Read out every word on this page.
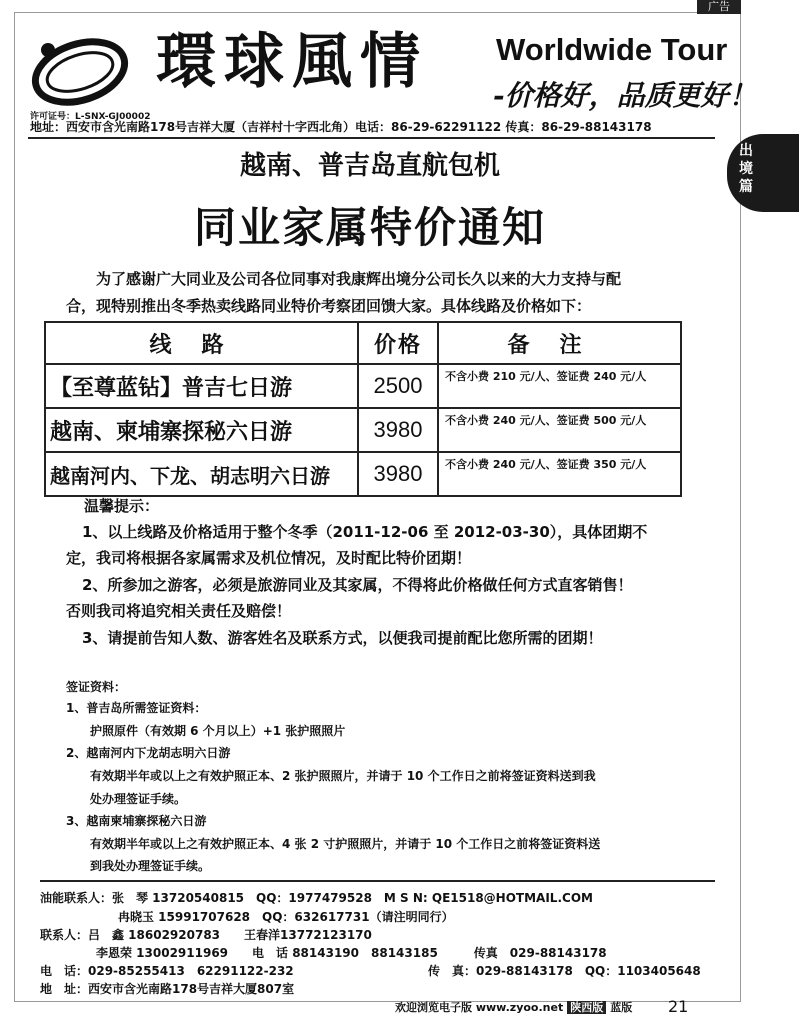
广告
出境篇
環球風情 Worldwide Tour
-价格好，品质更好！
许可证号：L-SNX-GJ00002
地址：西安市含光南路178号吉祥大厦（吉祥村十字西北角）电话：86-29-62291122 传真：86-29-88143178
越南、普吉岛直航包机
同业家属特价通知
为了感谢广大同业及公司各位同事对我康辉出境分公司长久以来的大力支持与配
合，现特别推出冬季热卖线路同业特价考察团回馈大家。具体线路及价格如下：
线路	价格	备注
【至尊蓝钻】普吉七日游	2500	不含小费 210 元/人、签证费 240 元/人
越南、柬埔寨探秘六日游	3980	不含小费 240 元/人、签证费 500 元/人
越南河内、下龙、胡志明六日游	3980	不含小费 240 元/人、签证费 350 元/人
温馨提示：
1、以上线路及价格适用于整个冬季（2011-12-06 至 2012-03-30），具体团期不
定，我司将根据各家属需求及机位情况，及时配比特价团期！
2、所参加之游客，必须是旅游同业及其家属，不得将此价格做任何方式直客销售！
否则我司将追究相关责任及赔偿！
3、请提前告知人数、游客姓名及联系方式，以便我司提前配比您所需的团期！
签证资料：
1、普吉岛所需签证资料：
护照原件（有效期 6 个月以上）+1 张护照照片
2、越南河内下龙胡志明六日游
有效期半年或以上之有效护照正本、2 张护照照片，并请于 10 个工作日之前将签证资料送到我
处办理签证手续。
3、越南柬埔寨探秘六日游
有效期半年或以上之有效护照正本、4 张 2 寸护照照片，并请于 10 个工作日之前将签证资料送
到我处办理签证手续。
油能联系人：张　琴 13720540815　QQ：1977479528　M S N: QE1518@HOTMAIL.COM
冉晓玉 15991707628　QQ：632617731（请注明同行）
联系人：吕　鑫 18602920783　　王春洋13772123170
李恩荣 13002911969　　电　话 88143190　88143185　　　传真　029-88143178
电　话：029-85255413　62291122-232	传　真：029-88143178　QQ：1103405648
地　址：西安市含光南路178号吉祥大厦807室
欢迎浏览电子版 www.zyoo.net 陕西版 蓝版 21
